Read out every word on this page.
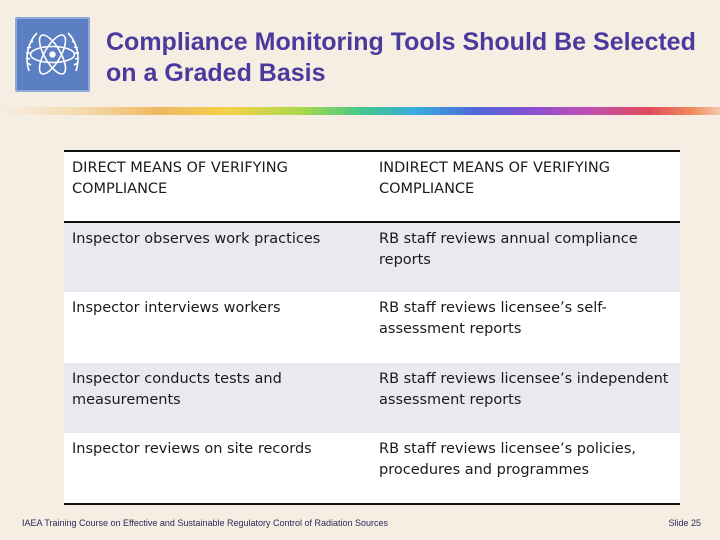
Compliance Monitoring Tools Should Be Selected on a Graded Basis
DIRECT MEANS OF VERIFYING COMPLIANCE	INDIRECT MEANS OF VERIFYING COMPLIANCE
Inspector observes work practices	RB staff reviews annual compliance reports
Inspector interviews workers	RB staff reviews licensee’s self-assessment reports
Inspector conducts tests and measurements	RB staff reviews licensee’s independent assessment reports
Inspector reviews on site records	RB staff reviews licensee’s policies, procedures and programmes
IAEA Training Course on Effective and Sustainable Regulatory Control of Radiation Sources	Slide 25
